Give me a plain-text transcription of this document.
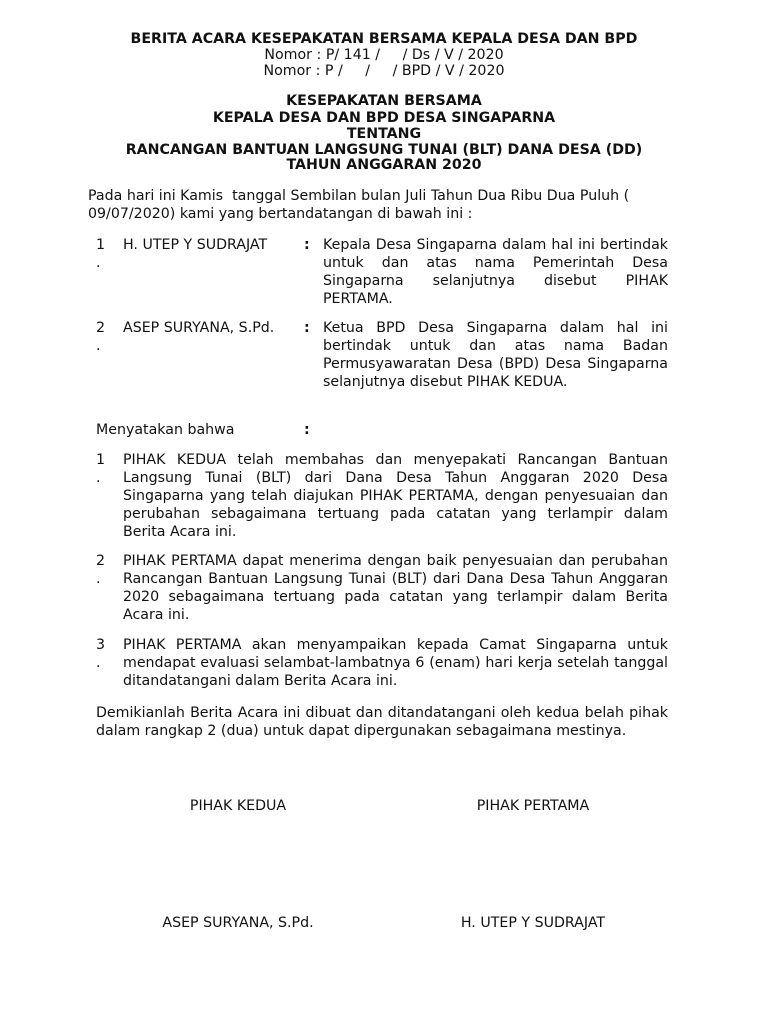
BERITA ACARA KESEPAKATAN BERSAMA KEPALA DESA DAN BPD
Nomor : P/ 141 /     / Ds / V / 2020
Nomor : P /     /     / BPD / V / 2020
KESEPAKATAN BERSAMA
KEPALA DESA DAN BPD DESA SINGAPARNA
TENTANG
RANCANGAN BANTUAN LANGSUNG TUNAI (BLT) DANA DESA (DD)
TAHUN ANGGARAN 2020
Pada hari ini Kamis  tanggal Sembilan bulan Juli Tahun Dua Ribu Dua Puluh ( 09/07/2020) kami yang bertandatangan di bawah ini :
1
.
H. UTEP Y SUDRAJAT	: Kepala Desa Singaparna dalam hal ini bertindak untuk dan atas nama Pemerintah Desa Singaparna selanjutnya disebut PIHAK PERTAMA.
2
.
ASEP SURYANA, S.Pd. : Ketua BPD Desa Singaparna dalam hal ini bertindak untuk dan atas nama Badan Permusyawaratan Desa (BPD) Desa Singaparna selanjutnya disebut PIHAK KEDUA.
Menyatakan bahwa	:
1
.
PIHAK KEDUA telah membahas dan menyepakati Rancangan Bantuan Langsung Tunai (BLT) dari Dana Desa Tahun Anggaran 2020 Desa Singaparna yang telah diajukan PIHAK PERTAMA, dengan penyesuaian dan perubahan sebagaimana tertuang pada catatan yang terlampir dalam Berita Acara ini.
2
.
PIHAK PERTAMA dapat menerima dengan baik penyesuaian dan perubahan Rancangan Bantuan Langsung Tunai (BLT) dari Dana Desa Tahun Anggaran 2020 sebagaimana tertuang pada catatan yang terlampir dalam Berita Acara ini.
3
.
PIHAK PERTAMA akan menyampaikan kepada Camat Singaparna untuk mendapat evaluasi selambat-lambatnya 6 (enam) hari kerja setelah tanggal ditandatangani dalam Berita Acara ini.
Demikianlah Berita Acara ini dibuat dan ditandatangani oleh kedua belah pihak dalam rangkap 2 (dua) untuk dapat dipergunakan sebagaimana mestinya.
PIHAK KEDUA	PIHAK PERTAMA
ASEP SURYANA, S.Pd.	H. UTEP Y SUDRAJAT
